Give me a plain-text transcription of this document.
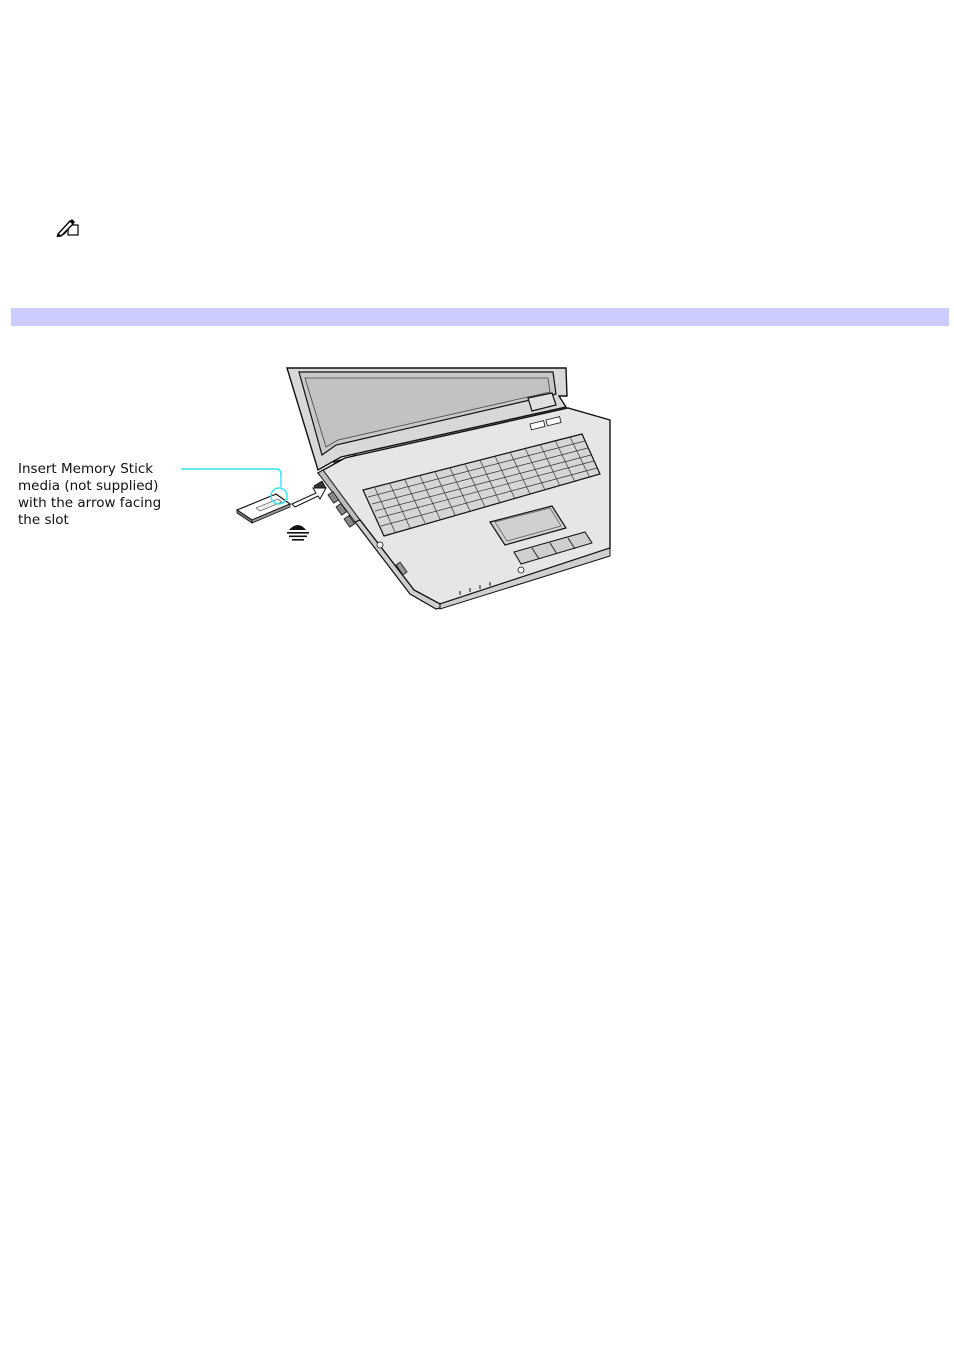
Insert Memory Stick
media (not supplied)
with the arrow facing
the slot
